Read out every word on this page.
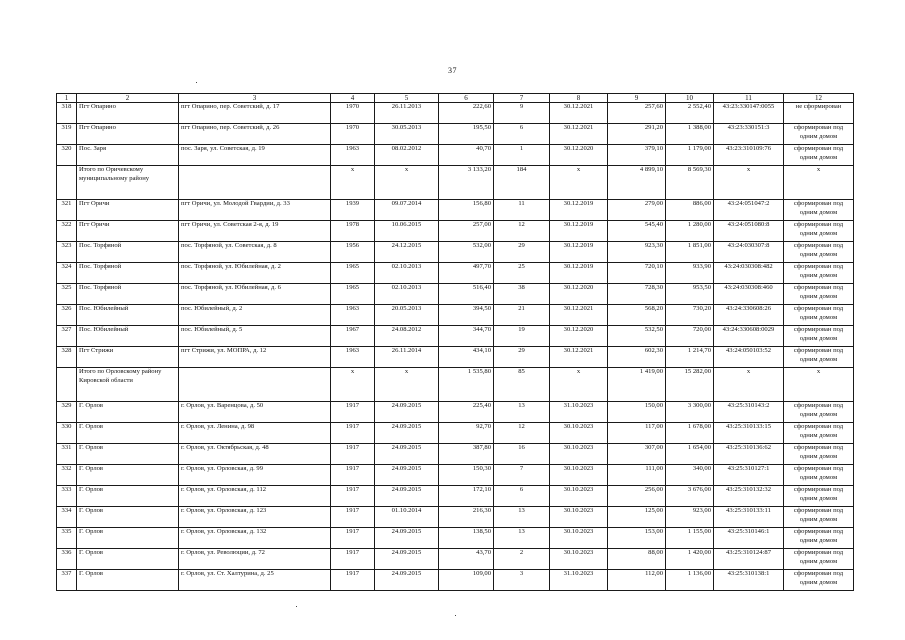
37
1	2	3	4	5	6	7	8	9	10	11	12
318	Пгт Опарино	пгт Опарино, пер. Советский, д. 17	1970	26.11.2013	222,60	9	30.12.2021	257,60	2 552,40	43:23:330147:0055	не сформирован
319	Пгт Опарино	пгт Опарино, пер. Советский, д. 26	1970	30.05.2013	195,50	6	30.12.2021	291,20	1 388,00	43:23:330151:3	сформирован под одним домом
320	Пос. Заря	пос. Заря, ул. Советская, д. 19	1963	08.02.2012	40,70	1	30.12.2020	379,10	1 179,00	43:23:310109:76	сформирован под одним домом
	Итого по Оричевскому муниципальному району		х	х	3 133,20	184	х	4 899,10	8 569,30	х	х
321	Пгт Оричи	пгт Оричи, ул. Молодой Гвардии, д. 33	1939	09.07.2014	156,80	11	30.12.2019	279,00	886,00	43:24:051047:2	сформирован под одним домом
322	Пгт Оричи	пгт Оричи, ул. Советская 2-я, д. 19	1978	10.06.2015	257,00	12	30.12.2019	545,40	1 280,00	43:24:051080:8	сформирован под одним домом
323	Пос. Торфяной	пос. Торфяной, ул. Советская, д. 8	1956	24.12.2015	532,00	29	30.12.2019	923,30	1 851,00	43:24:030307:8	сформирован под одним домом
324	Пос. Торфяной	пос. Торфяной, ул. Юбилейная, д. 2	1965	02.10.2013	497,70	25	30.12.2019	720,10	933,90	43:24:030308:482	сформирован под одним домом
325	Пос. Торфяной	пос. Торфяной, ул. Юбилейная, д. 6	1965	02.10.2013	516,40	38	30.12.2020	728,30	953,50	43:24:030308:460	сформирован под одним домом
326	Пос. Юбилейный	пос. Юбилейный, д. 2	1963	20.05.2013	394,50	21	30.12.2021	568,20	730,20	43:24:330608:26	сформирован под одним домом
327	Пос. Юбилейный	пос. Юбилейный, д. 5	1967	24.08.2012	344,70	19	30.12.2020	532,50	720,00	43:24:330608:0029	сформирован под одним домом
328	Пгт Стрижи	пгт Стрижи, ул. МОПРА, д. 12	1963	26.11.2014	434,10	29	30.12.2021	602,30	1 214,70	43:24:050103:52	сформирован под одним домом
	Итого по Орловскому району Кировской области		х	х	1 535,80	85	х	1 419,00	15 282,00	х	х
329	Г. Орлов	г. Орлов, ул. Варенцова, д. 50	1917	24.09.2015	225,40	13	31.10.2023	150,00	3 300,00	43:25:310143:2	сформирован под одним домом
330	Г. Орлов	г. Орлов, ул. Ленина, д. 98	1917	24.09.2015	92,70	12	30.10.2023	117,00	1 678,00	43:25:310133:15	сформирован под одним домом
331	Г. Орлов	г. Орлов, ул. Октябрьская, д. 48	1917	24.09.2015	387,80	16	30.10.2023	307,00	1 654,00	43:25:310136:62	сформирован под одним домом
332	Г. Орлов	г. Орлов, ул. Орловская, д. 99	1917	24.09.2015	150,30	7	30.10.2023	111,00	340,00	43:25:310127:1	сформирован под одним домом
333	Г. Орлов	г. Орлов, ул. Орловская, д. 112	1917	24.09.2015	172,10	6	30.10.2023	256,00	3 676,00	43:25:310132:32	сформирован под одним домом
334	Г. Орлов	г. Орлов, ул. Орловская, д. 123	1917	01.10.2014	216,30	13	30.10.2023	125,00	923,00	43:25:310133:11	сформирован под одним домом
335	Г. Орлов	г. Орлов, ул. Орловская, д. 132	1917	24.09.2015	138,50	13	30.10.2023	153,00	1 155,00	43:25:310146:1	сформирован под одним домом
336	Г. Орлов	г. Орлов, ул. Революции, д. 72	1917	24.09.2015	43,70	2	30.10.2023	88,00	1 420,00	43:25:310124:87	сформирован под одним домом
337	Г. Орлов	г. Орлов, ул. Ст. Халтурина, д. 25	1917	24.09.2015	109,00	3	31.10.2023	112,00	1 136,00	43:25:310138:1	сформирован под одним домом
